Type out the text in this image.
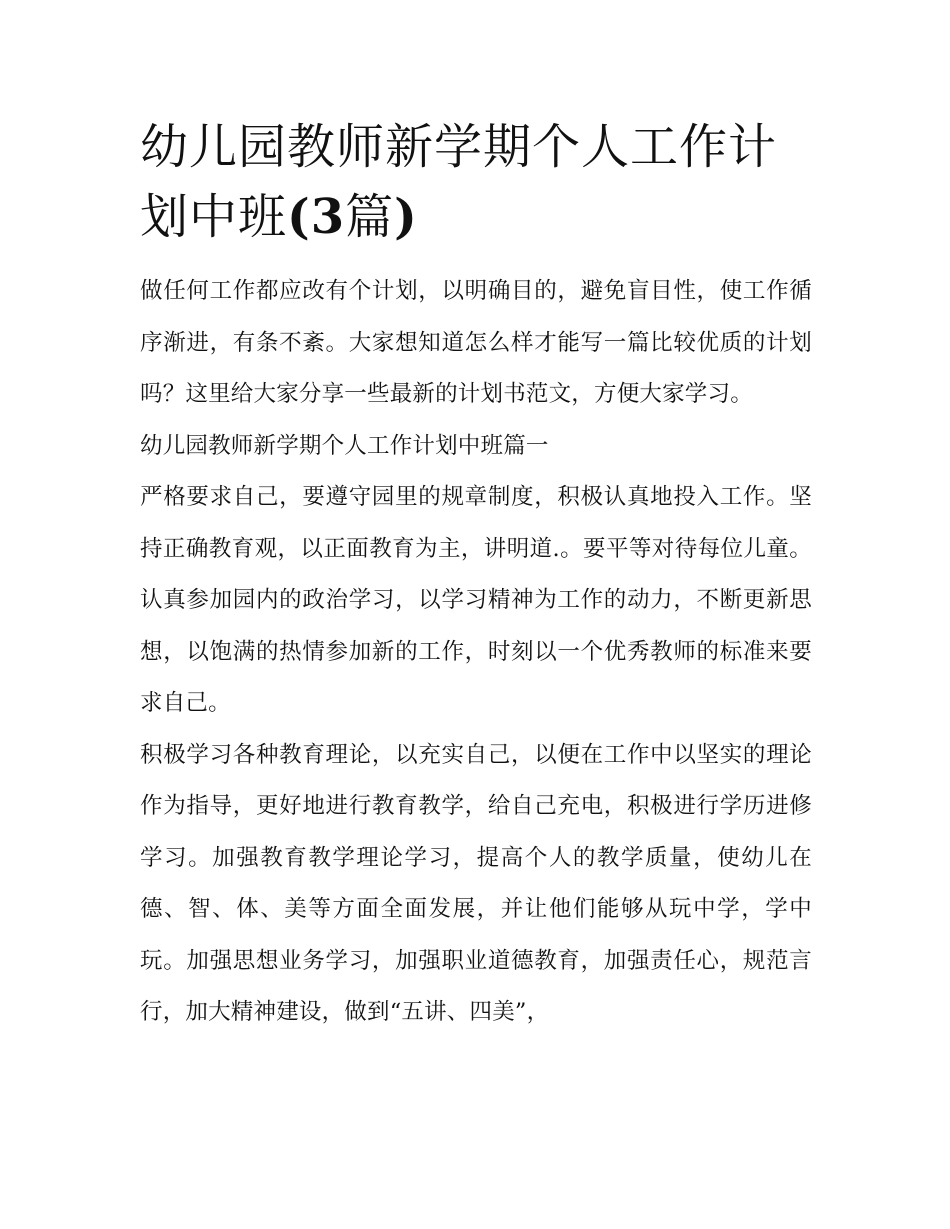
幼儿园教师新学期个人工作计划中班(3篇)

做任何工作都应改有个计划，以明确目的，避免盲目性，使工作循序渐进，有条不紊。大家想知道怎么样才能写一篇比较优质的计划吗？这里给大家分享一些最新的计划书范文，方便大家学习。

幼儿园教师新学期个人工作计划中班篇一

严格要求自己，要遵守园里的规章制度，积极认真地投入工作。坚持正确教育观，以正面教育为主，讲明道.。要平等对待每位儿童。认真参加园内的政治学习，以学习精神为工作的动力，不断更新思想，以饱满的热情参加新的工作，时刻以一个优秀教师的标准来要求自己。

积极学习各种教育理论，以充实自己，以便在工作中以坚实的理论作为指导，更好地进行教育教学，给自己充电，积极进行学历进修学习。加强教育教学理论学习，提高个人的教学质量，使幼儿在德、智、体、美等方面全面发展，并让他们能够从玩中学，学中玩。加强思想业务学习，加强职业道德教育，加强责任心，规范言行，加大精神建设，做到“五讲、四美”，
